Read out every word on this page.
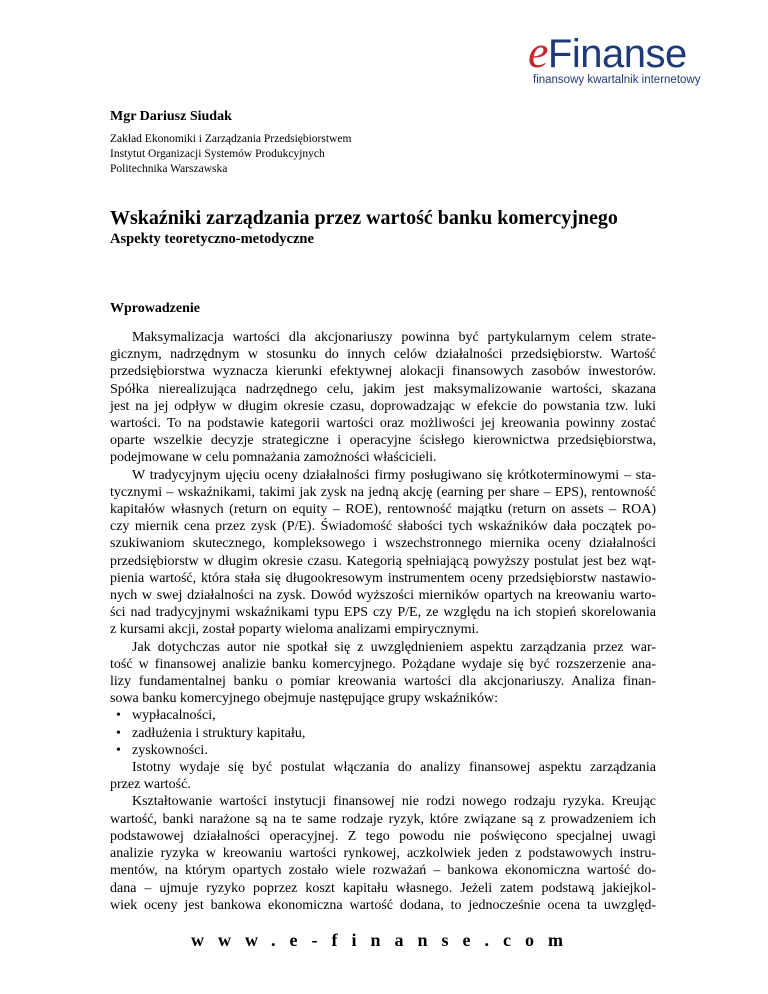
eFinanse
finansowy kwartalnik internetowy
Mgr Dariusz Siudak
Zakład Ekonomiki i Zarządzania Przedsiębiorstwem
Instytut Organizacji Systemów Produkcyjnych
Politechnika Warszawska
Wskaźniki zarządzania przez wartość banku komercyjnego
Aspekty teoretyczno-metodyczne
Wprowadzenie
Maksymalizacja wartości dla akcjonariuszy powinna być partykularnym celem strate-
gicznym, nadrzędnym w stosunku do innych celów działalności przedsiębiorstw. Wartość
przedsiębiorstwa wyznacza kierunki efektywnej alokacji finansowych zasobów inwestorów.
Spółka nierealizująca nadrzędnego celu, jakim jest maksymalizowanie wartości, skazana
jest na jej odpływ w długim okresie czasu, doprowadzając w efekcie do powstania tzw. luki
wartości. To na podstawie kategorii wartości oraz możliwości jej kreowania powinny zostać
oparte wszelkie decyzje strategiczne i operacyjne ścisłego kierownictwa przedsiębiorstwa,
podejmowane w celu pomnażania zamożności właścicieli.
W tradycyjnym ujęciu oceny działalności firmy posługiwano się krótkoterminowymi – sta-
tycznymi – wskaźnikami, takimi jak zysk na jedną akcję (earning per share – EPS), rentowność
kapitałów własnych (return on equity – ROE), rentowność majątku (return on assets – ROA)
czy miernik cena przez zysk (P/E). Świadomość słabości tych wskaźników dała początek po-
szukiwaniom skutecznego, kompleksowego i wszechstronnego miernika oceny działalności
przedsiębiorstw w długim okresie czasu. Kategorią spełniającą powyższy postulat jest bez wąt-
pienia wartość, która stała się długookresowym instrumentem oceny przedsiębiorstw nastawio-
nych w swej działalności na zysk. Dowód wyższości mierników opartych na kreowaniu warto-
ści nad tradycyjnymi wskaźnikami typu EPS czy P/E, ze względu na ich stopień skorelowania
z kursami akcji, został poparty wieloma analizami empirycznymi.
Jak dotychczas autor nie spotkał się z uwzględnieniem aspektu zarządzania przez war-
tość w finansowej analizie banku komercyjnego. Pożądane wydaje się być rozszerzenie ana-
lizy fundamentalnej banku o pomiar kreowania wartości dla akcjonariuszy. Analiza finan-
sowa banku komercyjnego obejmuje następujące grupy wskaźników:
• wypłacalności,
• zadłużenia i struktury kapitału,
• zyskowności.
Istotny wydaje się być postulat włączania do analizy finansowej aspektu zarządzania
przez wartość.
Kształtowanie wartości instytucji finansowej nie rodzi nowego rodzaju ryzyka. Kreując
wartość, banki narażone są na te same rodzaje ryzyk, które związane są z prowadzeniem ich
podstawowej działalności operacyjnej. Z tego powodu nie poświęcono specjalnej uwagi
analizie ryzyka w kreowaniu wartości rynkowej, aczkolwiek jeden z podstawowych instru-
mentów, na którym opartych zostało wiele rozważań – bankowa ekonomiczna wartość do-
dana – ujmuje ryzyko poprzez koszt kapitału własnego. Jeżeli zatem podstawą jakiejkol-
wiek oceny jest bankowa ekonomiczna wartość dodana, to jednocześnie ocena ta uwzględ-
www.e-finanse.com
